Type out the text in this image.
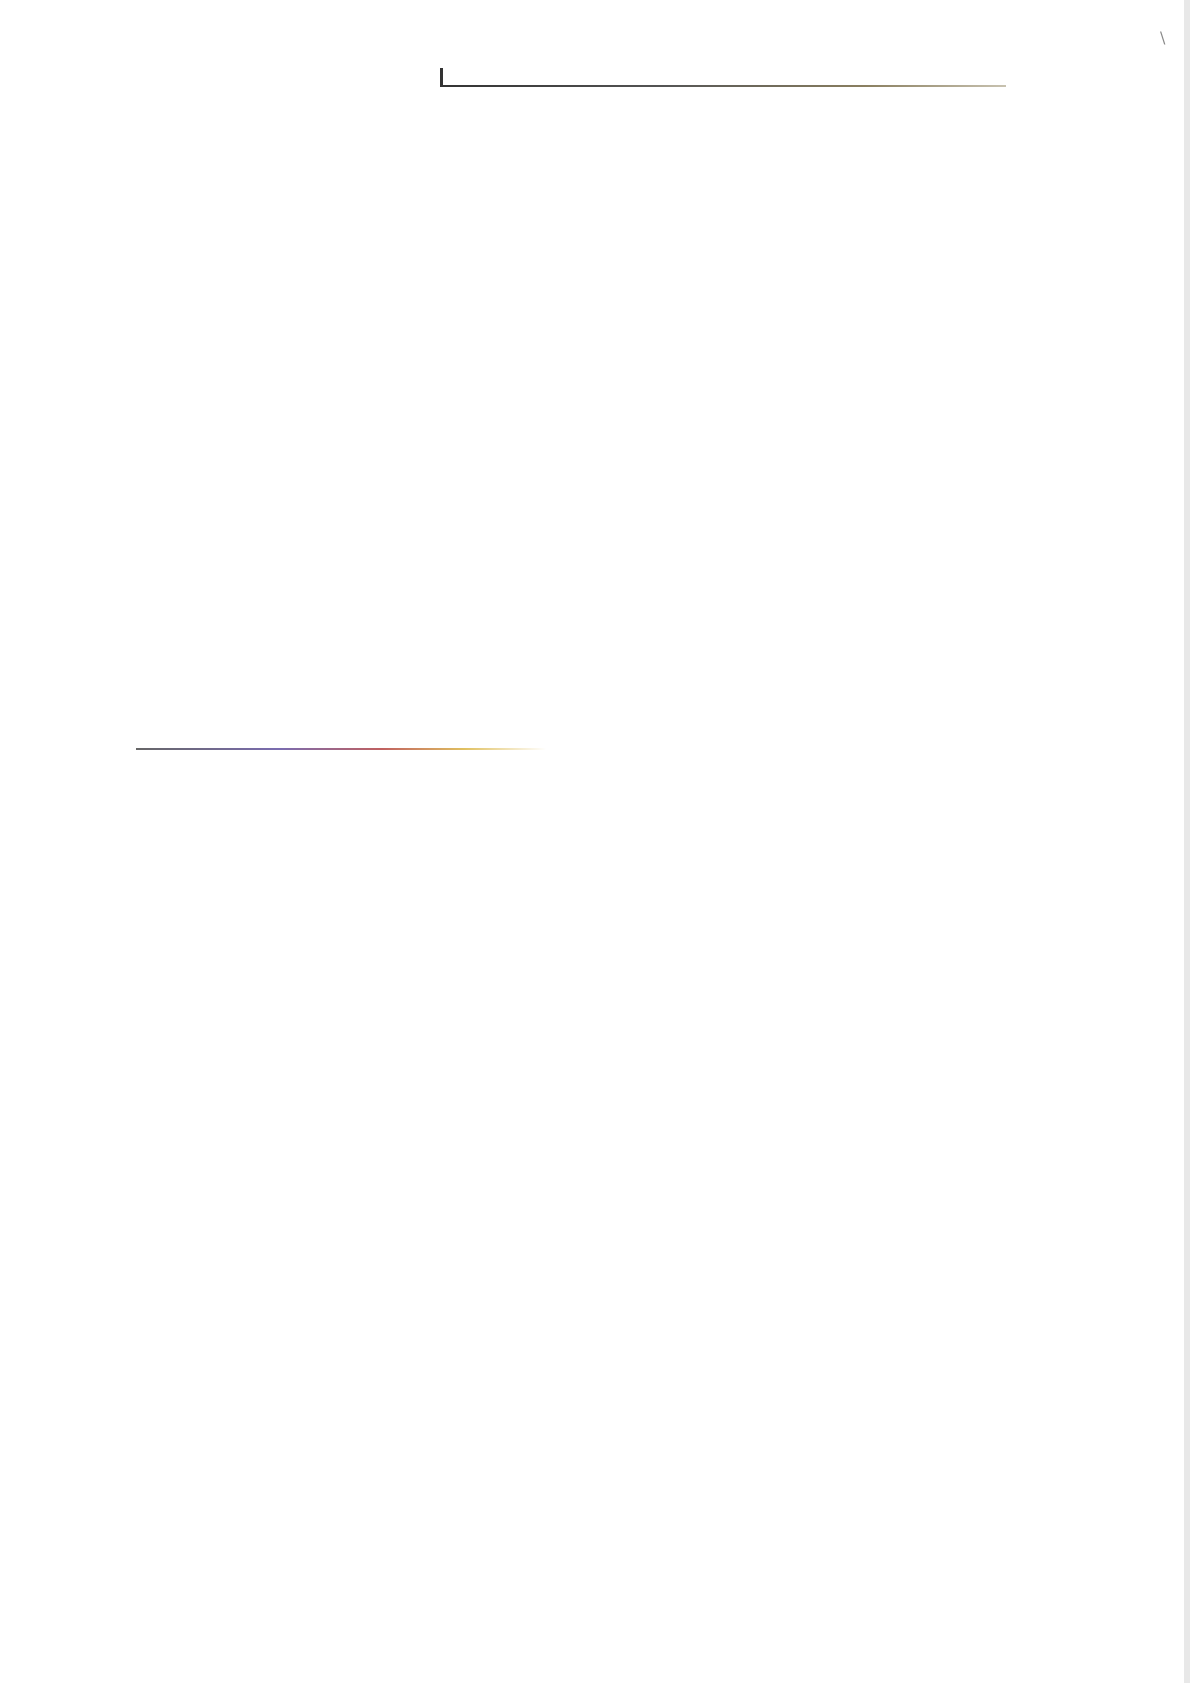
\
